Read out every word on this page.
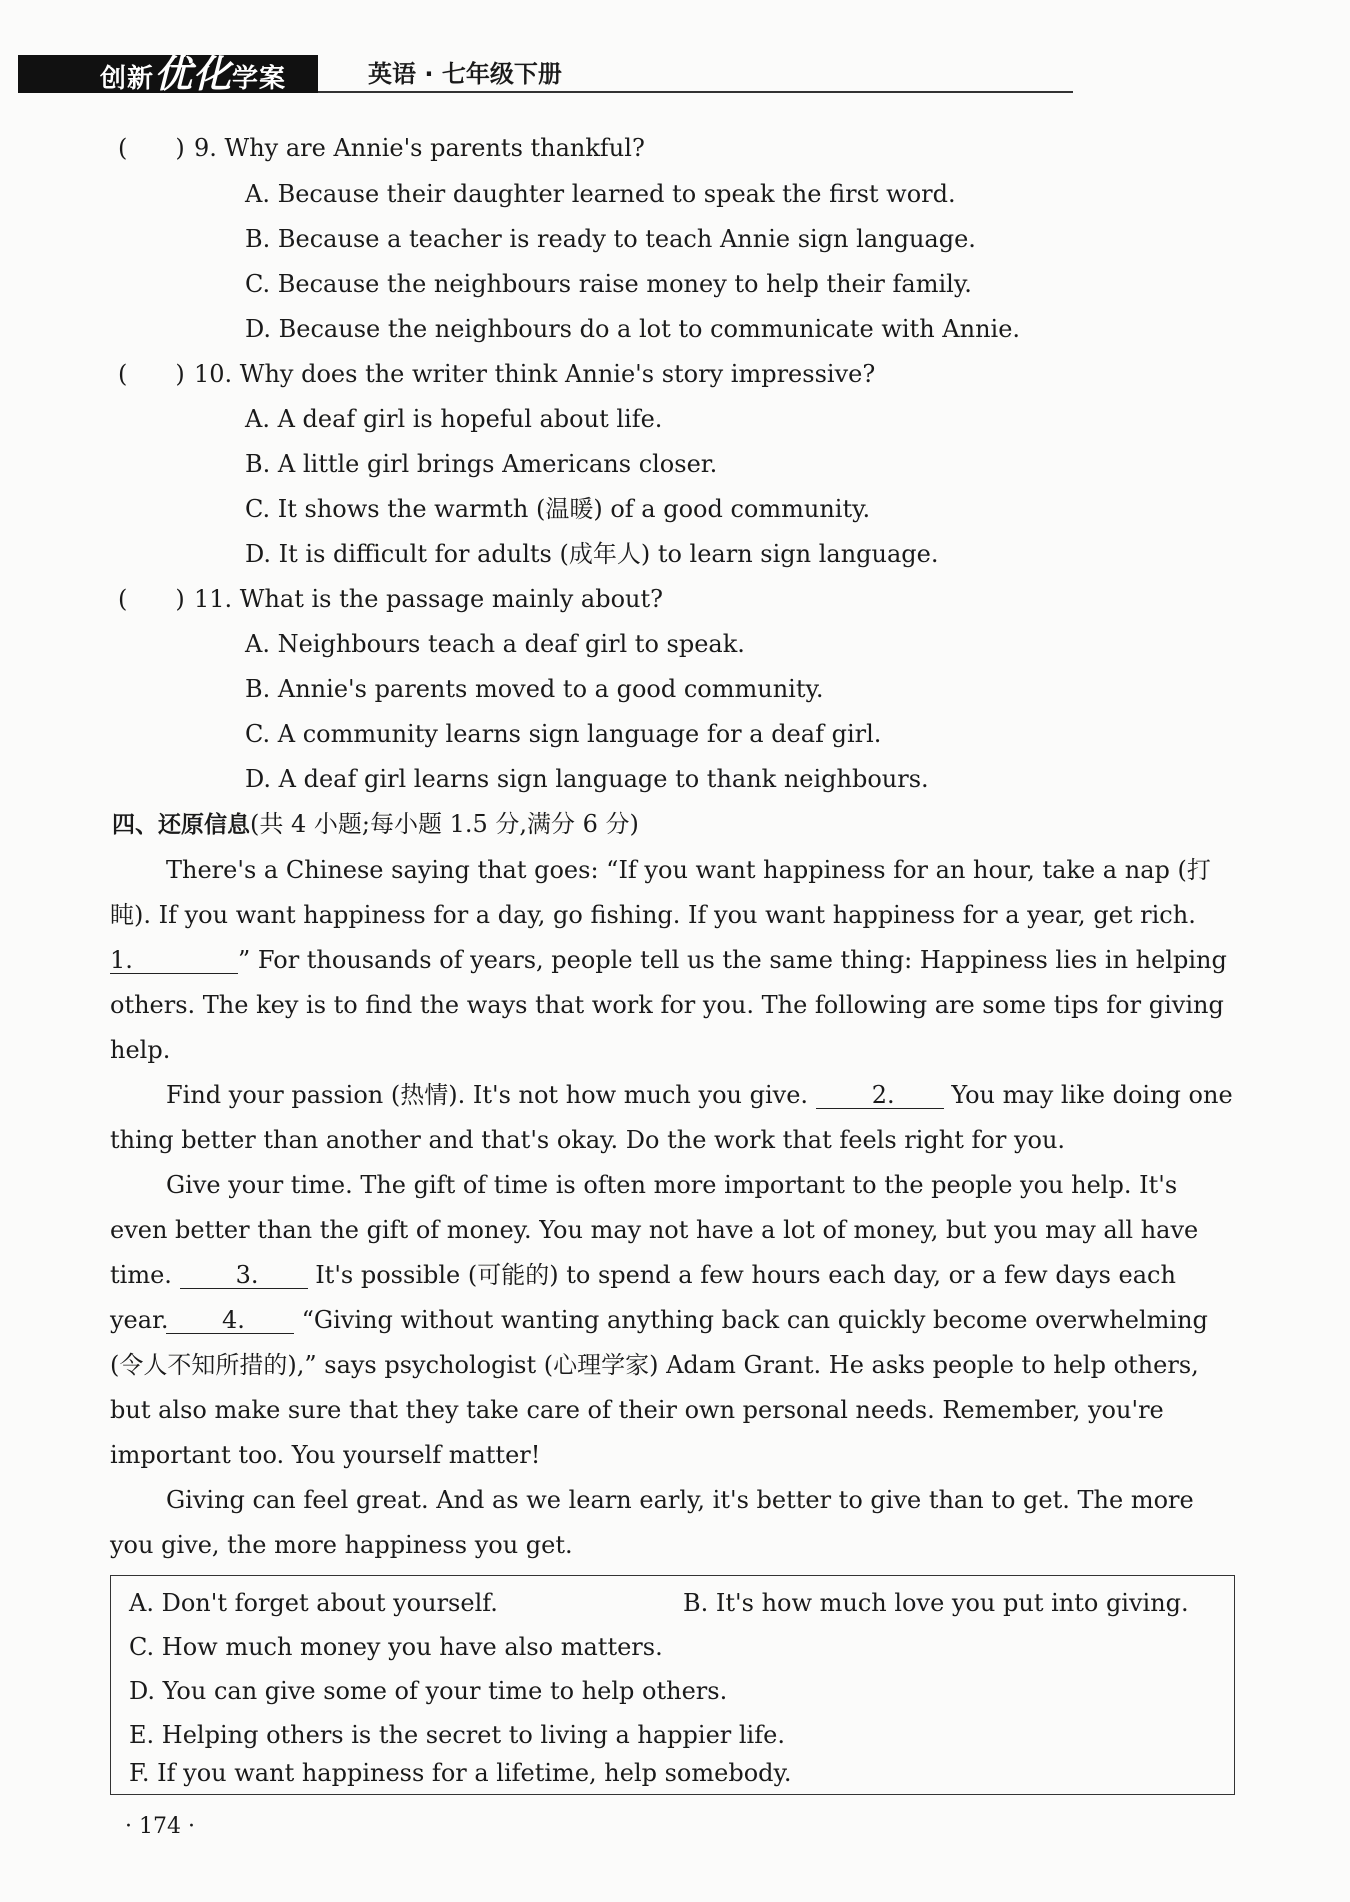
创新优化学案	英语 · 七年级下册
(　　) 9. Why are Annie's parents thankful?
A. Because their daughter learned to speak the first word.
B. Because a teacher is ready to teach Annie sign language.
C. Because the neighbours raise money to help their family.
D. Because the neighbours do a lot to communicate with Annie.
(　　) 10. Why does the writer think Annie's story impressive?
A. A deaf girl is hopeful about life.
B. A little girl brings Americans closer.
C. It shows the warmth (温暖) of a good community.
D. It is difficult for adults (成年人) to learn sign language.
(　　) 11. What is the passage mainly about?
A. Neighbours teach a deaf girl to speak.
B. Annie's parents moved to a good community.
C. A community learns sign language for a deaf girl.
D. A deaf girl learns sign language to thank neighbours.
四、还原信息(共 4 小题;每小题 1.5 分,满分 6 分)
There's a Chinese saying that goes: “If you want happiness for an hour, take a nap (打盹). If you want happiness for a day, go fishing. If you want happiness for a year, get rich. 1.	” For thousands of years, people tell us the same thing: Happiness lies in helping others. The key is to find the ways that work for you. The following are some tips for giving help.
Find your passion (热情). It's not how much you give.	2. You may like doing one thing better than another and that's okay. Do the work that feels right for you.
Give your time. The gift of time is often more important to the people you help. It's even better than the gift of money. You may not have a lot of money, but you may all have time.	3. It's possible (可能的) to spend a few hours each day, or a few days each year.	4. “Giving without wanting anything back can quickly become overwhelming (令人不知所措的),” says psychologist (心理学家) Adam Grant. He asks people to help others, but also make sure that they take care of their own personal needs. Remember, you're important too. You yourself matter!
Giving can feel great. And as we learn early, it's better to give than to get. The more you give, the more happiness you get.
A. Don't forget about yourself.	B. It's how much love you put into giving.
C. How much money you have also matters.
D. You can give some of your time to help others.
E. Helping others is the secret to living a happier life.
F. If you want happiness for a lifetime, help somebody.
· 174 ·
